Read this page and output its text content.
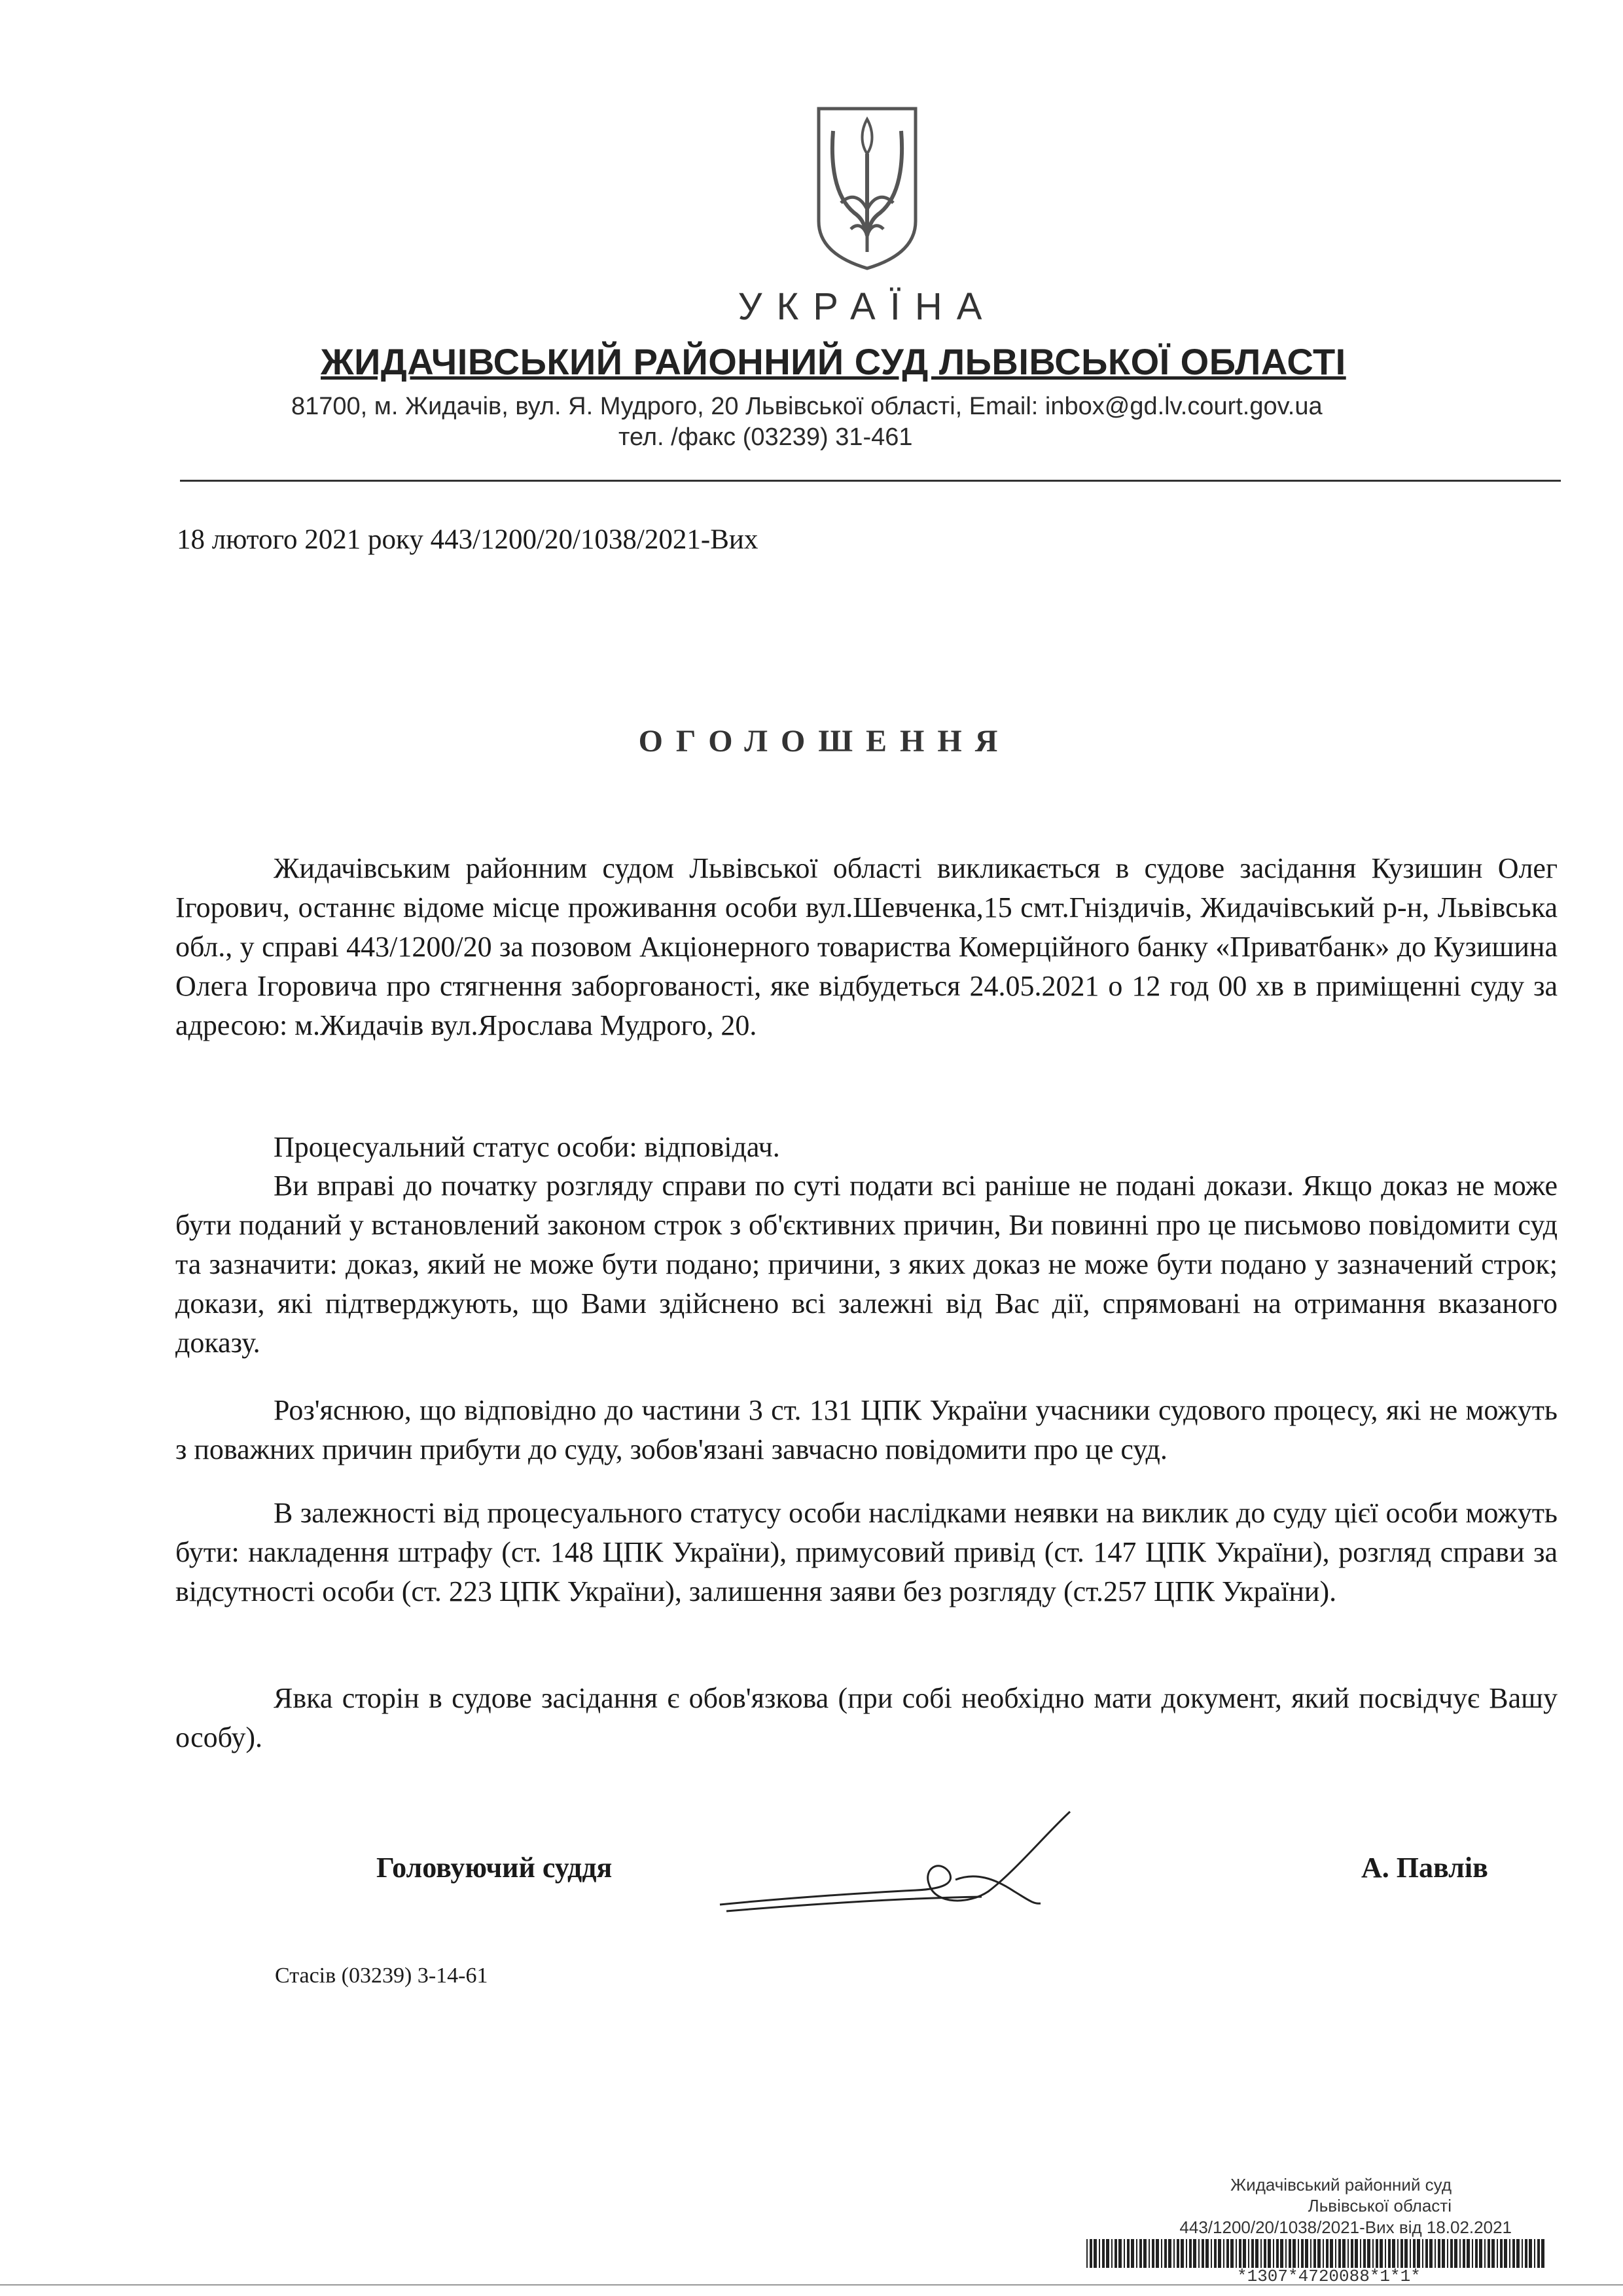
УКРАЇНА
ЖИДАЧІВСЬКИЙ РАЙОННИЙ СУД ЛЬВІВСЬКОЇ ОБЛАСТІ
81700, м. Жидачів, вул. Я. Мудрого, 20 Львівської області, Email: inbox@gd.lv.court.gov.ua
тел. /факс (03239) 31-461
18 лютого 2021 року 443/1200/20/1038/2021-Вих
ОГОЛОШЕННЯ

Жидачівським районним судом Львівської області викликається в судове засідання Кузишин Олег Ігорович, останнє відоме місце проживання особи вул.Шевченка,15 смт.Гніздичів, Жидачівський р-н, Львівська обл., у справі 443/1200/20 за позовом Акціонерного товариства Комерційного банку «Приватбанк» до Кузишина Олега Ігоровича про стягнення заборгованості, яке відбудеться 24.05.2021 о 12 год 00 хв в приміщенні суду за адресою: м.Жидачів вул.Ярослава Мудрого, 20.

Процесуальний статус особи: відповідач.

Ви вправі до початку розгляду справи по суті подати всі раніше не подані докази. Якщо доказ не може бути поданий у встановлений законом строк з об'єктивних причин, Ви повинні про це письмово повідомити суд та зазначити: доказ, який не може бути подано; причини, з яких доказ не може бути подано у зазначений строк; докази, які підтверджують, що Вами здійснено всі залежні від Вас дії, спрямовані на отримання вказаного доказу.

Роз'яснюю, що відповідно до частини 3 ст. 131 ЦПК України учасники судового процесу, які не можуть з поважних причин прибути до суду, зобов'язані завчасно повідомити про це суд.

В залежності від процесуального статусу особи наслідками неявки на виклик до суду цієї особи можуть бути: накладення штрафу (ст. 148 ЦПК України), примусовий привід (ст. 147 ЦПК України), розгляд справи за відсутності особи (ст. 223 ЦПК України), залишення заяви без розгляду (ст.257 ЦПК України).

Явка сторін в судове засідання є обов'язкова (при собі необхідно мати документ, який посвідчує Вашу особу).

Головуючий суддя	А. Павлів
Стасів (03239) 3-14-61
Жидачівський районний суд
Львівської області
443/1200/20/1038/2021-Вих від 18.02.2021
*1307*4720088*1*1*
